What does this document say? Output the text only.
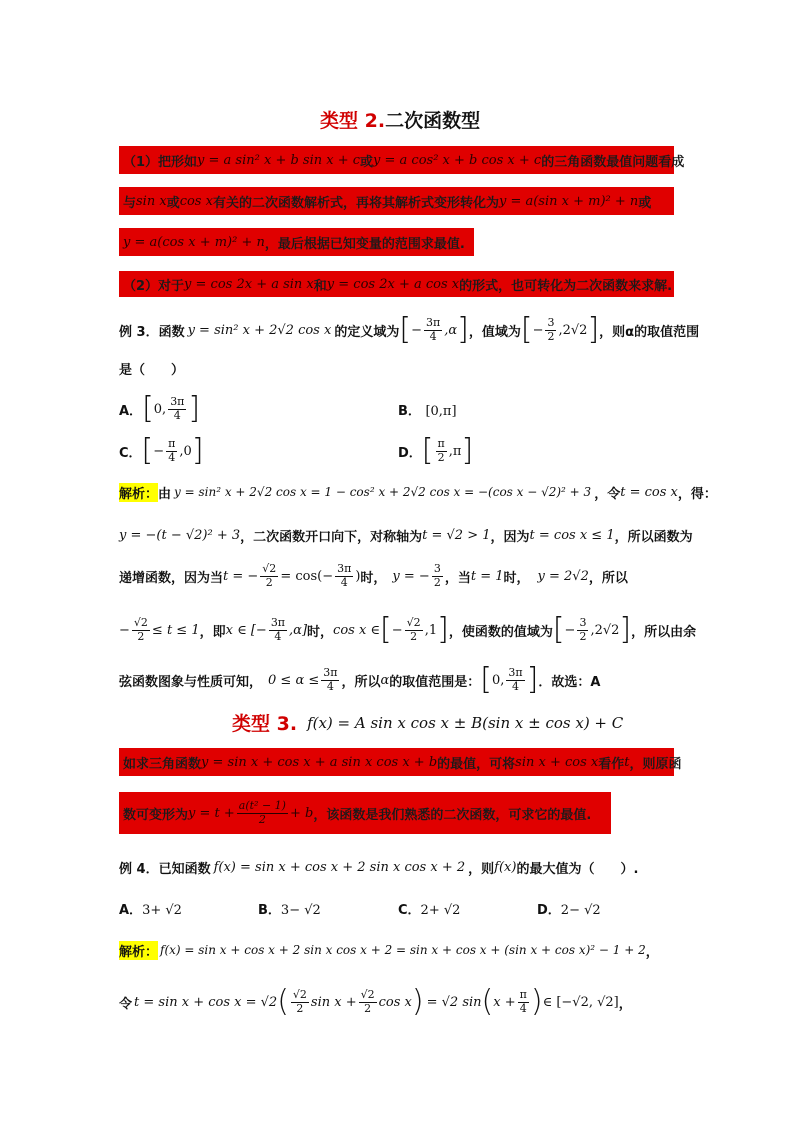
类型 2.二次函数型
（1）把形如 y = a sin² x + b sin x + c 或 y = a cos² x + b cos x + c 的三角函数最值问题看成
与 sin x 或 cos x 有关的二次函数解析式，再将其解析式变形转化为 y = a(sin x + m)² + n 或
y = a(cos x + m)² + n ，最后根据已知变量的范围求最值.
（2）对于 y = cos 2x + a sin x 和 y = cos 2x + a cos x 的形式，也可转化为二次函数来求解.
例 3．函数 y = sin² x + 2√2 cos x 的定义域为 [ − $\frac{3\pi}{4} ,\alpha$ ] ，值域为 [ − $\frac{3}{2} ,2√2$ ] ，则α的取值范围
是（　　）
A． [ 0, $\frac{3\pi}{4}$ ]	B． [0,π]
C． [ − $\frac{\pi}{4} ,0$ ]	D． [ $\frac{\pi}{2} ,\pi$ ]
解析： 由 y = sin² x + 2√2 cos x = 1 − cos² x + 2√2 cos x = −(cos x − √2)² + 3 ，令 t = cos x ，得：
y = −(t − √2)² + 3 ，二次函数开口向下，对称轴为 t = √2 > 1 ，因为 t = cos x ≤ 1 ，所以函数为
递增函数，因为当 t = − $\frac{√2}{2} = \cos(- \frac{3\pi}{4}$ ) 时， y = − $\frac{3}{2}$ ，当 t = 1 时， y = 2√2 ，所以
− $\frac{√2}{2} \le t \le 1$ ，即 x ∈ [− $\frac{3\pi}{4} ,\alpha$] 时， cos x ∈ [ − $\frac{√2}{2} ,1$ ] ，使函数的值域为 [ − $\frac{3}{2} ,2√2$ ] ，所以由余
弦函数图象与性质可知， $0 \le \alpha \le \frac{3\pi}{4}$ ，所以 α 的取值范围是： [ 0, $\frac{3\pi}{4}$ ] ．故选：A
类型 3. f(x) = A sin x cos x ± B(sin x ± cos x) + C
如求三角函数 y = sin x + cos x + a sin x cos x + b 的最值，可将 sin x + cos x 看作 t ，则原函
数可变形为 $y = t + \frac{\text{a(t² − 1)}}{2} + b$ ，该函数是我们熟悉的二次函数，可求它的最值.
例 4．已知函数 f(x) = sin x + cos x + 2 sin x cos x + 2 ，则 f(x) 的最大值为（　　）.
A．3+ √2	B．3− √2	C．2+ √2	D．2− √2
解析： f(x) = sin x + cos x + 2 sin x cos x + 2 = sin x + cos x + (sin x + cos x)² − 1 + 2 ，
令 t = sin x + cos x = √2 ( $\frac{√2}{2}$ $\sin x + \frac{√2}{2}$ cos x ) = √2 sin ( $x + \frac{\pi}{4}$ ) ∈ [−√2, √2] ，
